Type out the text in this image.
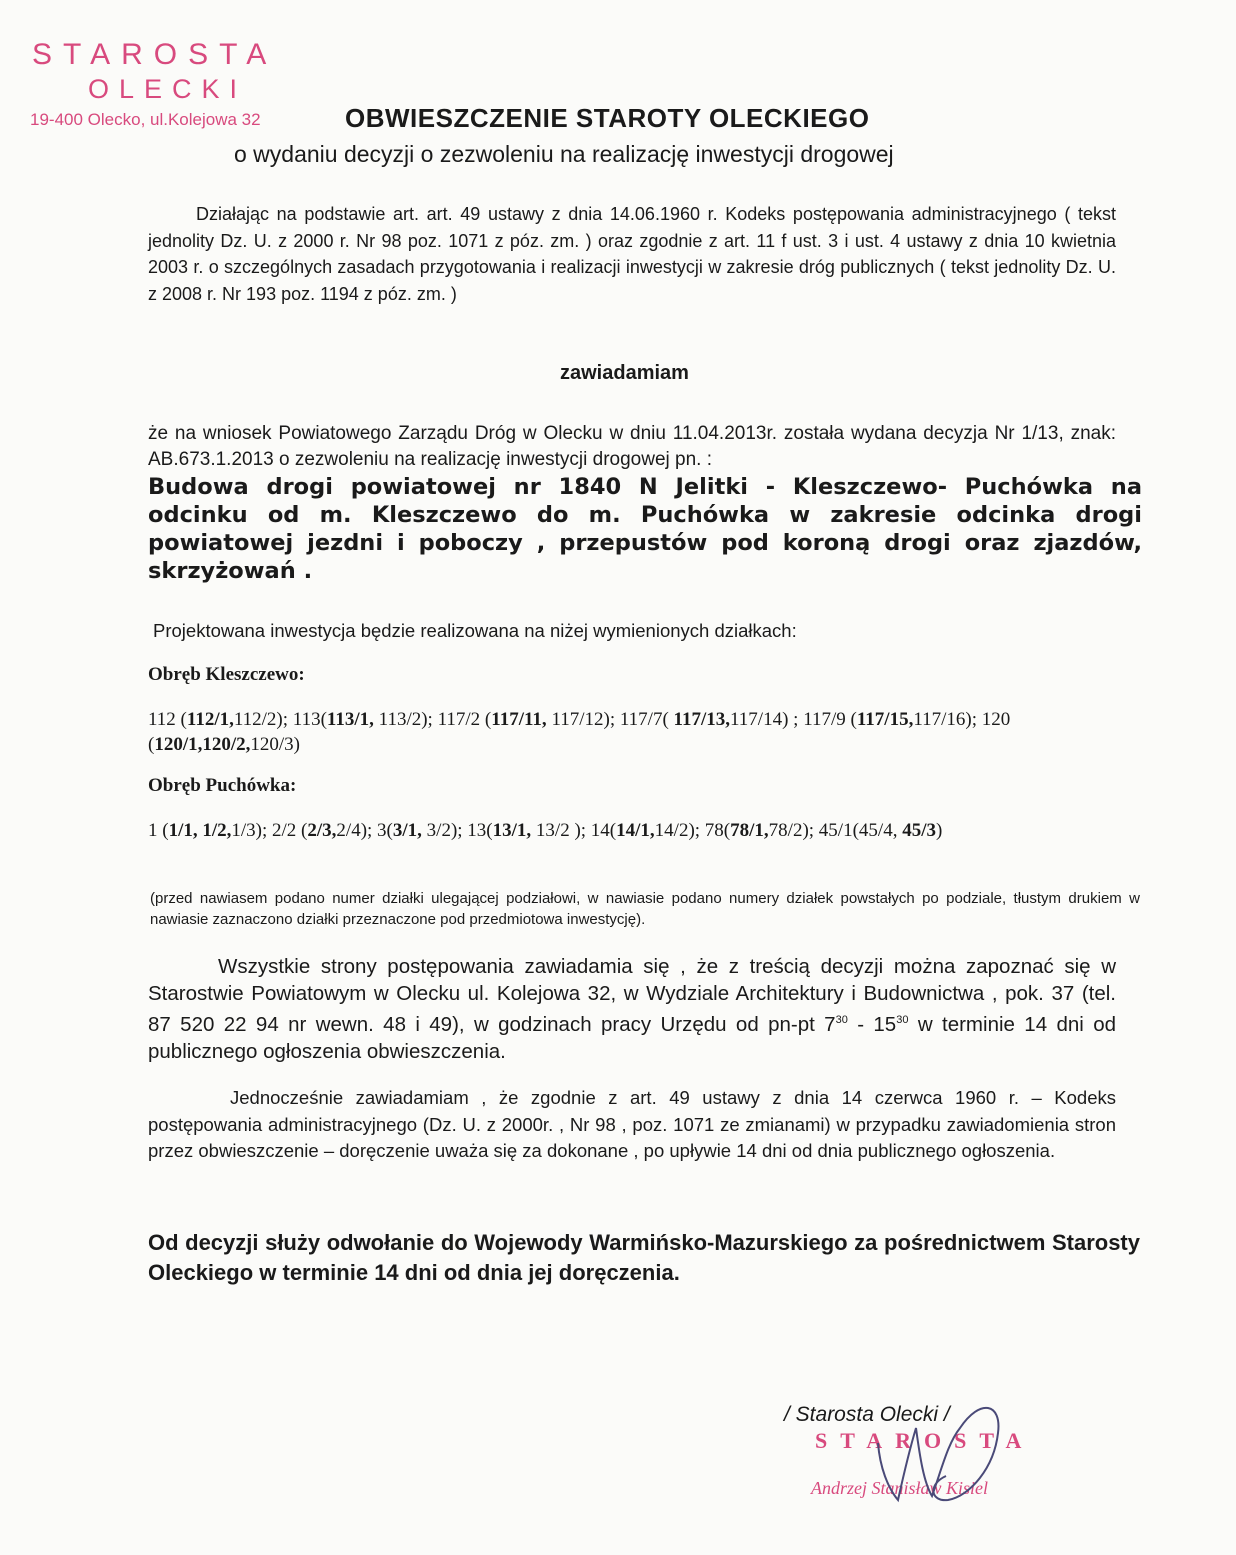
STAROSTA
OLECKI
19-400 Olecko, ul.Kolejowa 32	OBWIESZCZENIE STAROTY OLECKIEGO
o wydaniu decyzji o zezwoleniu na realizację inwestycji drogowej
Działając na podstawie art. art. 49 ustawy z dnia 14.06.1960 r. Kodeks postępowania administracyjnego ( tekst jednolity Dz. U. z 2000 r. Nr 98 poz. 1071 z póz. zm. ) oraz zgodnie z art. 11 f ust. 3 i ust. 4 ustawy z dnia 10 kwietnia 2003 r. o szczególnych zasadach przygotowania i realizacji inwestycji w zakresie dróg publicznych ( tekst jednolity Dz. U. z 2008 r. Nr 193 poz. 1194 z póz. zm. )
zawiadamiam
że na wniosek Powiatowego Zarządu Dróg w Olecku w dniu 11.04.2013r. została wydana decyzja Nr 1/13, znak: AB.673.1.2013 o zezwoleniu na realizację inwestycji drogowej pn. :
Budowa drogi powiatowej nr 1840 N Jelitki - Kleszczewo- Puchówka na odcinku od m. Kleszczewo do m. Puchówka w zakresie odcinka drogi powiatowej jezdni i poboczy , przepustów pod koroną drogi oraz zjazdów, skrzyżowań .
Projektowana inwestycja będzie realizowana na niżej wymienionych działkach:
Obręb Kleszczewo:
112 (112/1,112/2); 113(113/1, 113/2); 117/2 (117/11, 117/12); 117/7( 117/13,117/14) ; 117/9 (117/15,117/16); 120 (120/1,120/2,120/3)
Obręb Puchówka:
1 (1/1, 1/2,1/3); 2/2 (2/3,2/4); 3(3/1, 3/2); 13(13/1, 13/2 ); 14(14/1,14/2); 78(78/1,78/2); 45/1(45/4, 45/3)
(przed nawiasem podano numer działki ulegającej podziałowi, w nawiasie podano numery działek powstałych po podziale, tłustym drukiem w nawiasie zaznaczono działki przeznaczone pod przedmiotowa inwestycję).
Wszystkie strony postępowania zawiadamia się , że z treścią decyzji można zapoznać się w Starostwie Powiatowym w Olecku ul. Kolejowa 32, w Wydziale Architektury i Budownictwa , pok. 37 (tel. 87 520 22 94 nr wewn. 48 i 49), w godzinach pracy Urzędu od pn-pt $7^{30} - 15^{30}$ w terminie 14 dni od publicznego ogłoszenia obwieszczenia.
Jednocześnie zawiadamiam , że zgodnie z art. 49 ustawy z dnia 14 czerwca 1960 r. – Kodeks postępowania administracyjnego (Dz. U. z 2000r. , Nr 98 , poz. 1071 ze zmianami) w przypadku zawiadomienia stron przez obwieszczenie – doręczenie uważa się za dokonane , po upływie 14 dni od dnia publicznego ogłoszenia.
Od decyzji służy odwołanie do Wojewody Warmińsko-Mazurskiego za pośrednictwem Starosty Oleckiego w terminie 14 dni od dnia jej doręczenia.
/ Starosta Olecki /
STAROSTA
Andrzej Stanisław Kisiel
